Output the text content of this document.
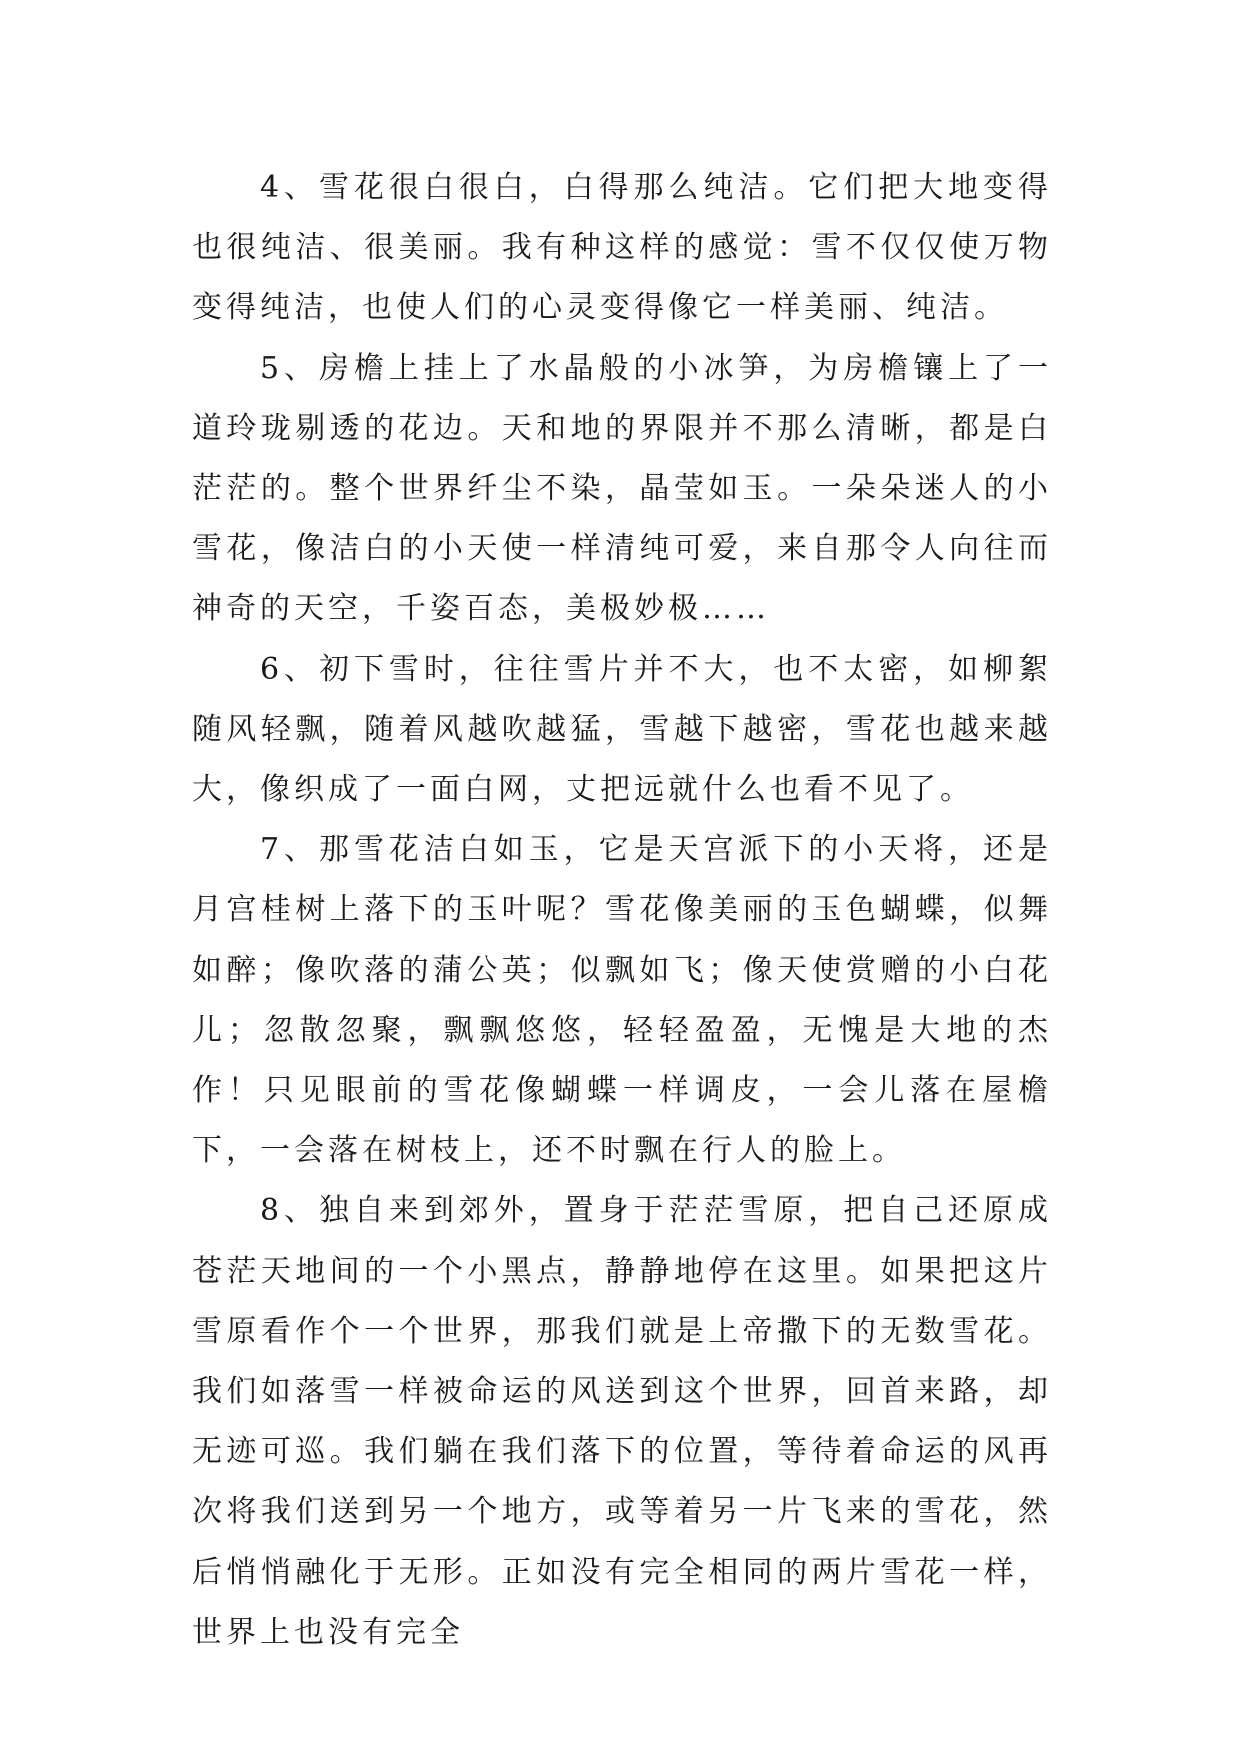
4、雪花很白很白，白得那么纯洁。它们把大地变得也很纯洁、很美丽。我有种这样的感觉：雪不仅仅使万物变得纯洁，也使人们的心灵变得像它一样美丽、纯洁。

5、房檐上挂上了水晶般的小冰笋，为房檐镶上了一道玲珑剔透的花边。天和地的界限并不那么清晰，都是白茫茫的。整个世界纤尘不染，晶莹如玉。一朵朵迷人的小雪花，像洁白的小天使一样清纯可爱，来自那令人向往而神奇的天空，千姿百态，美极妙极……

6、初下雪时，往往雪片并不大，也不太密，如柳絮随风轻飘，随着风越吹越猛，雪越下越密，雪花也越来越大，像织成了一面白网，丈把远就什么也看不见了。

7、那雪花洁白如玉，它是天宫派下的小天将，还是月宫桂树上落下的玉叶呢？雪花像美丽的玉色蝴蝶，似舞如醉；像吹落的蒲公英；似飘如飞；像天使赏赠的小白花儿；忽散忽聚，飘飘悠悠，轻轻盈盈，无愧是大地的杰作！只见眼前的雪花像蝴蝶一样调皮，一会儿落在屋檐下，一会落在树枝上，还不时飘在行人的脸上。

8、独自来到郊外，置身于茫茫雪原，把自己还原成苍茫天地间的一个小黑点，静静地停在这里。如果把这片雪原看作个一个世界，那我们就是上帝撒下的无数雪花。我们如落雪一样被命运的风送到这个世界，回首来路，却无迹可巡。我们躺在我们落下的位置，等待着命运的风再次将我们送到另一个地方，或等着另一片飞来的雪花，然后悄悄融化于无形。正如没有完全相同的两片雪花一样，世界上也没有完全
